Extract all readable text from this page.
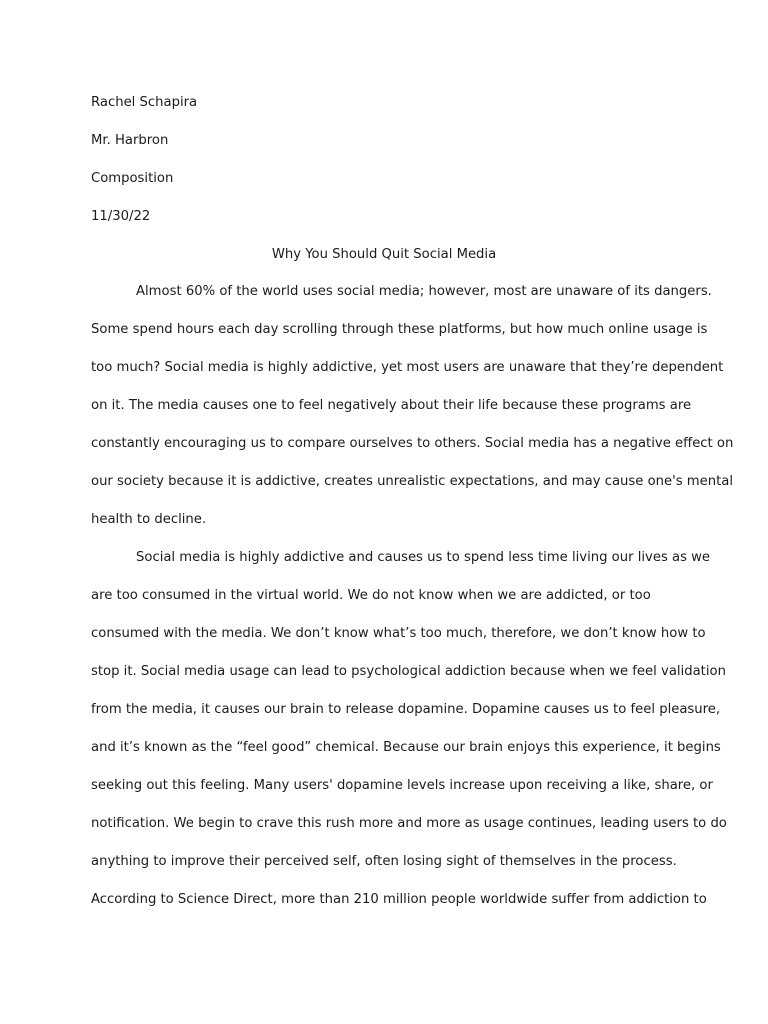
Rachel Schapira
Mr. Harbron
Composition
11/30/22
Why You Should Quit Social Media
Almost 60% of the world uses social media; however, most are unaware of its dangers.
Some spend hours each day scrolling through these platforms, but how much online usage is
too much? Social media is highly addictive, yet most users are unaware that they’re dependent
on it. The media causes one to feel negatively about their life because these programs are
constantly encouraging us to compare ourselves to others. Social media has a negative effect on
our society because it is addictive, creates unrealistic expectations, and may cause one's mental
health to decline.
Social media is highly addictive and causes us to spend less time living our lives as we
are too consumed in the virtual world. We do not know when we are addicted, or too
consumed with the media. We don’t know what’s too much, therefore, we don’t know how to
stop it. Social media usage can lead to psychological addiction because when we feel validation
from the media, it causes our brain to release dopamine. Dopamine causes us to feel pleasure,
and it’s known as the “feel good” chemical. Because our brain enjoys this experience, it begins
seeking out this feeling. Many users' dopamine levels increase upon receiving a like, share, or
notification. We begin to crave this rush more and more as usage continues, leading users to do
anything to improve their perceived self, often losing sight of themselves in the process.
According to Science Direct, more than 210 million people worldwide suffer from addiction to
